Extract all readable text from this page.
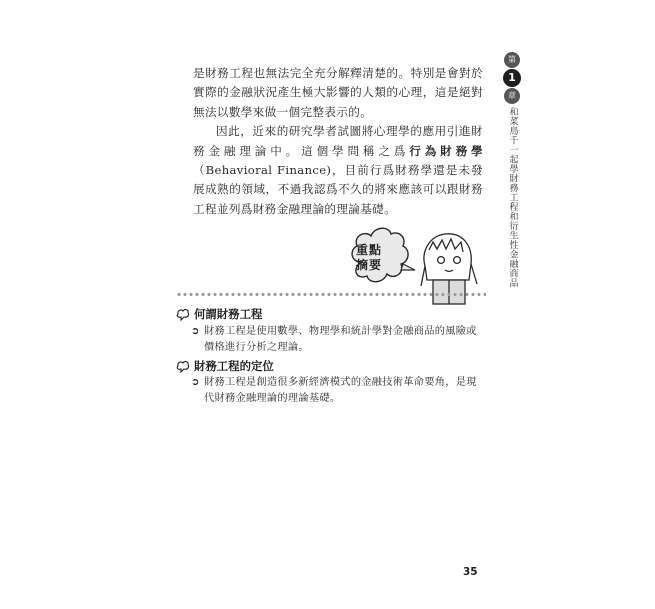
是財務工程也無法完全充分解釋清楚的。特別是會對於實際的金融狀況產生極大影響的人類的心理，這是絕對無法以數學來做一個完整表示的。

因此，近來的研究學者試圖將心理學的應用引進財務金融理論中。這個學問稱之爲行為財務學（Behavioral Finance)，目前行爲財務學還是未發展成熟的領域，不過我認爲不久的將來應該可以跟財務工程並列爲財務金融理論的理論基礎。

第
1
章
和菜鳥千一起學財務工程和衍生性金融商品
重點
摘要
何謂財務工程
➲ 財務工程是使用數學、物理學和統計學對金融商品的風險或價格進行分析之理論。
財務工程的定位
➲ 財務工程是創造很多新經濟模式的金融技術革命要角，是現代財務金融理論的理論基礎。
35
